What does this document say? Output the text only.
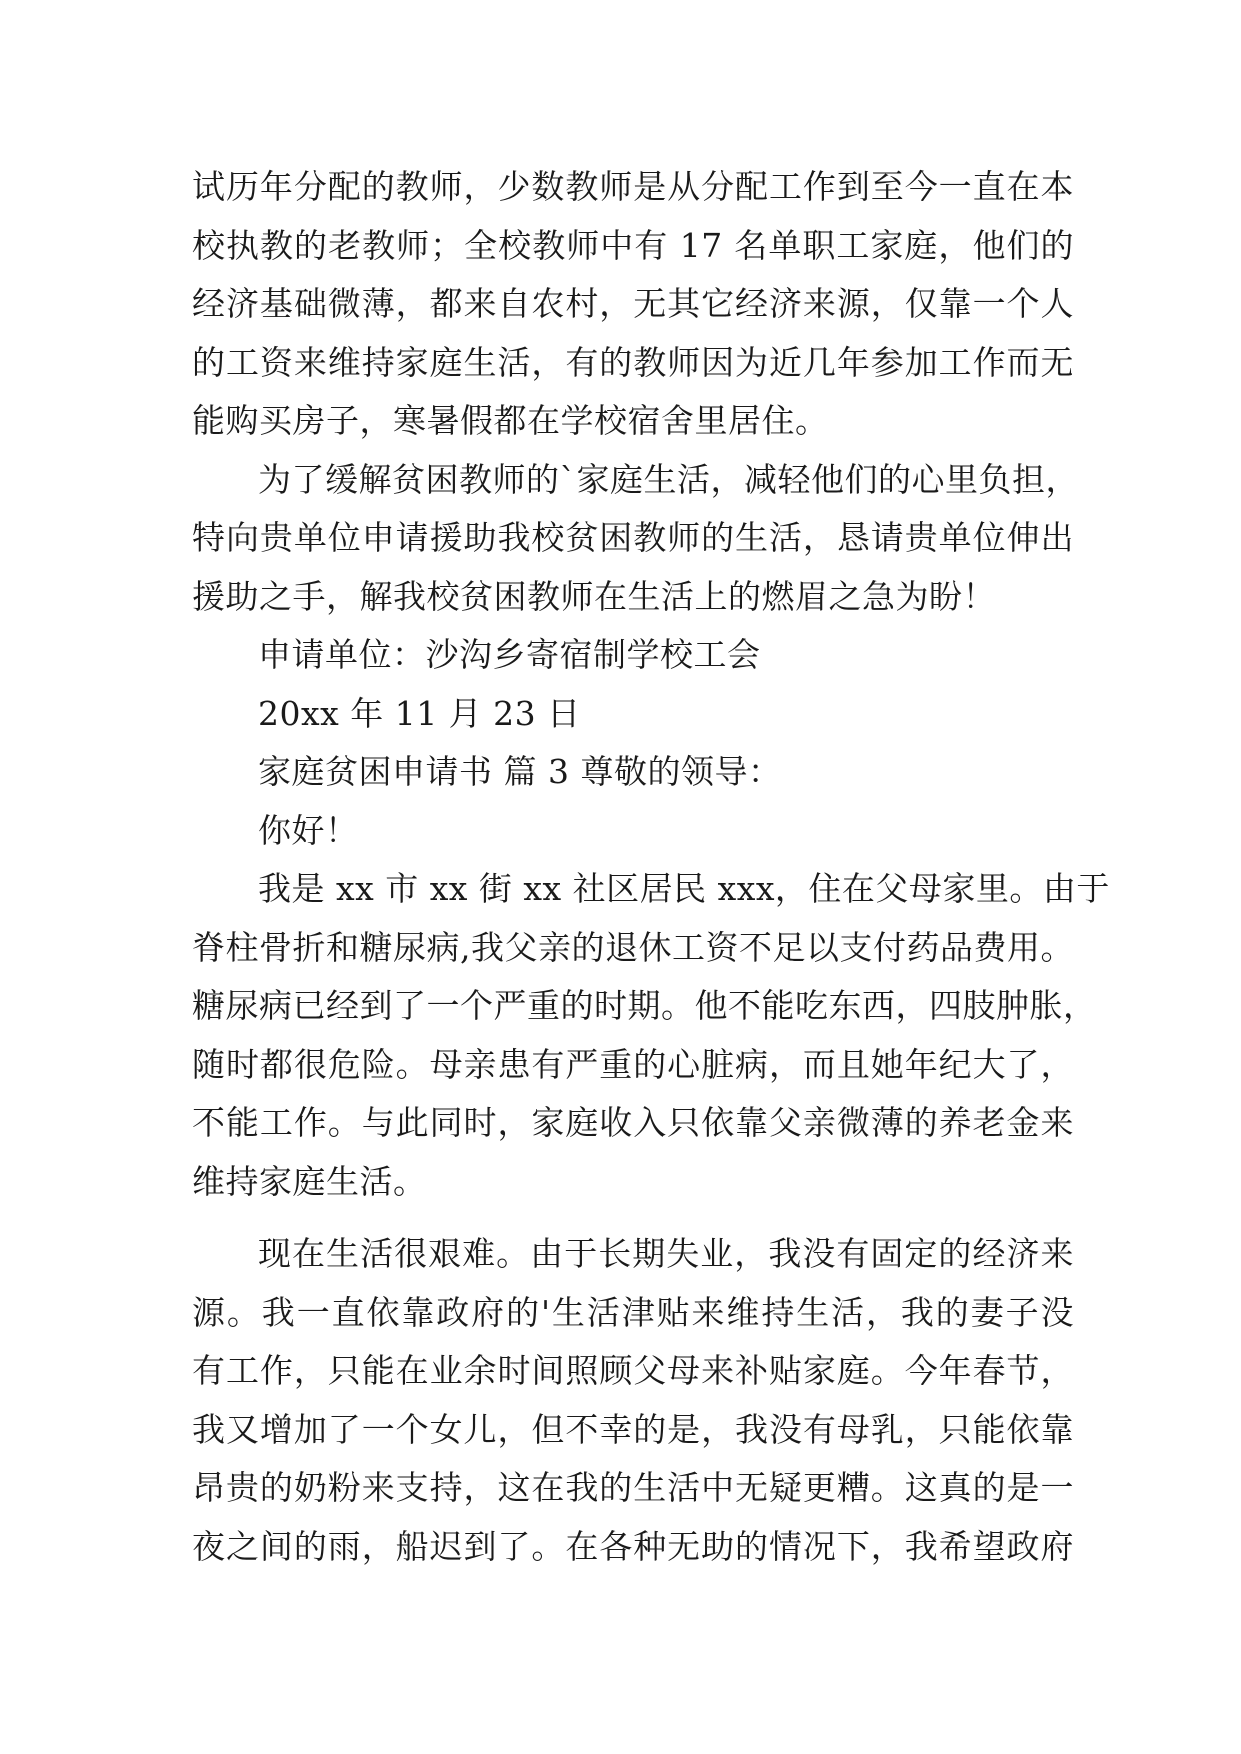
试历年分配的教师，少数教师是从分配工作到至今一直在本
校执教的老教师；全校教师中有 17 名单职工家庭，他们的
经济基础微薄，都来自农村，无其它经济来源，仅靠一个人
的工资来维持家庭生活，有的教师因为近几年参加工作而无
能购买房子，寒暑假都在学校宿舍里居住。
为了缓解贫困教师的`家庭生活，减轻他们的心里负担，
特向贵单位申请援助我校贫困教师的生活，恳请贵单位伸出
援助之手，解我校贫困教师在生活上的燃眉之急为盼！
申请单位：沙沟乡寄宿制学校工会
20xx 年 11 月 23 日
家庭贫困申请书 篇 3 尊敬的领导：
你好！
我是 xx 市 xx 街 xx 社区居民 xxx，住在父母家里。由于
脊柱骨折和糖尿病,我父亲的退休工资不足以支付药品费用。
糖尿病已经到了一个严重的时期。他不能吃东西，四肢肿胀，
随时都很危险。母亲患有严重的心脏病，而且她年纪大了，
不能工作。与此同时，家庭收入只依靠父亲微薄的养老金来
维持家庭生活。
现在生活很艰难。由于长期失业，我没有固定的经济来
源。我一直依靠政府的'生活津贴来维持生活，我的妻子没
有工作，只能在业余时间照顾父母来补贴家庭。今年春节，
我又增加了一个女儿，但不幸的是，我没有母乳，只能依靠
昂贵的奶粉来支持，这在我的生活中无疑更糟。这真的是一
夜之间的雨，船迟到了。在各种无助的情况下，我希望政府
